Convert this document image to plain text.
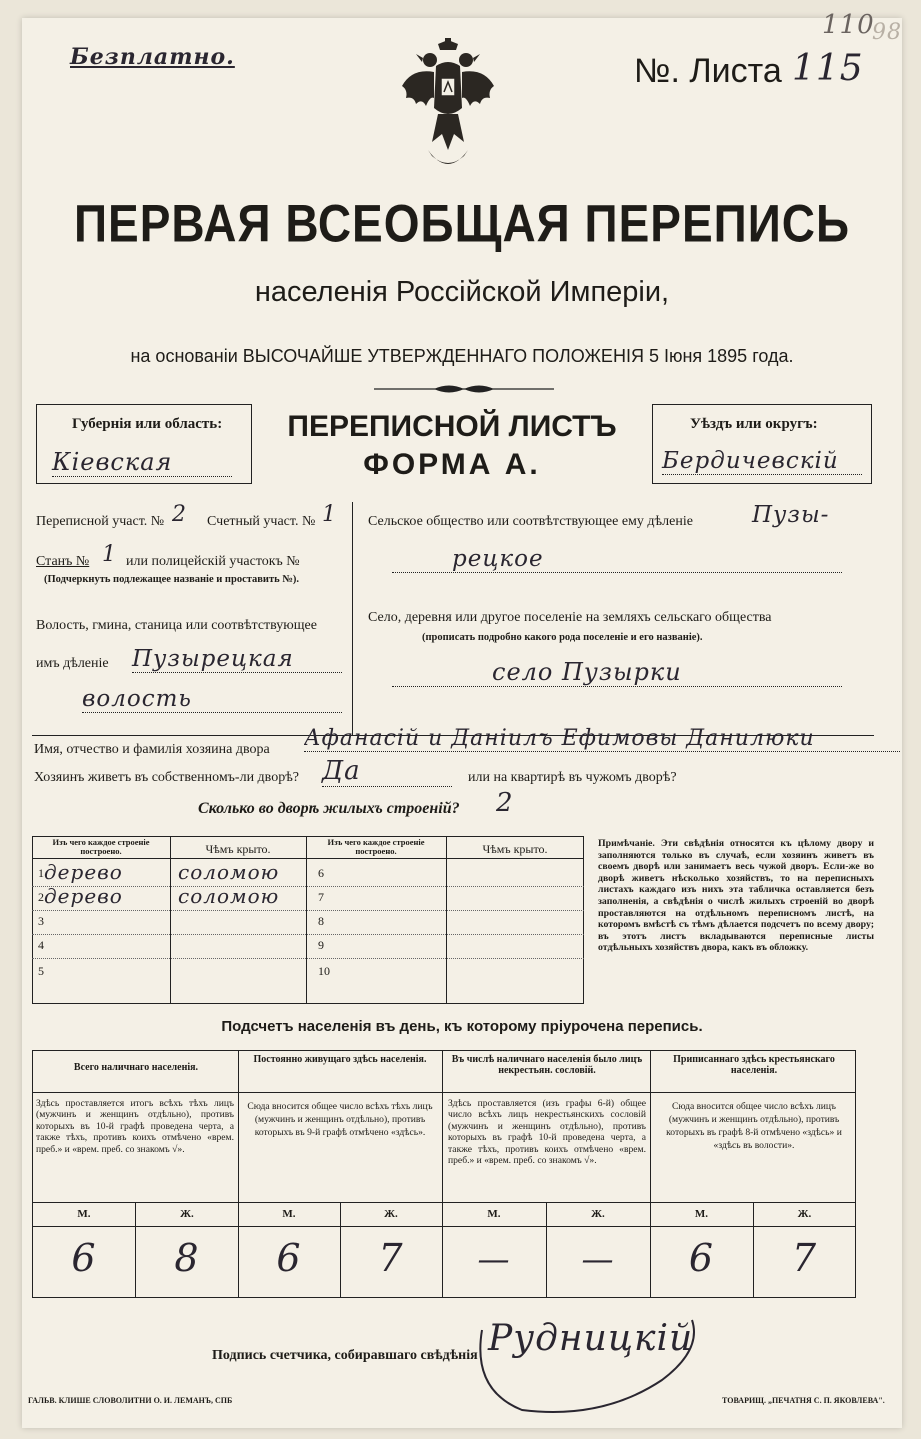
Безплатно.	№. Листа 115
110
98
ПЕРВАЯ ВСЕОБЩАЯ ПЕРЕПИСЬ
населенія Россійской Имперіи,
на основаніи ВЫСОЧАЙШЕ УТВЕРЖДЕННАГО ПОЛОЖЕНІЯ 5 Іюня 1895 года.
Губернія или область:
Кіевская
ПЕРЕПИСНОЙ ЛИСТЪ
ФОРМА А.
Уѣздъ или округъ:
Бердичевскій
Переписной участ. № 2 Счетный участ. № 1
Станъ № 1 или полицейскій участокъ №
(Подчеркнуть подлежащее названіе и проставить №).
Волость, гмина, станица или соотвѣтствующее
имъ дѣленіе Пузырецкая
волость
Сельское общество или соотвѣтствующее ему дѣленіе	Пузы-
рецкое
Село, деревня или другое поселеніе на земляхъ сельскаго общества
(прописать подробно какого рода поселеніе и его названіе).
село Пузырки
Имя, отчество и фамилія хозяина двора Афанасій и Даніилъ Ефимовы Данилюки
Хозяинъ живетъ въ собственномъ-ли дворѣ? Да	или на квартирѣ въ чужомъ дворѣ?
Сколько во дворѣ жилыхъ строеній? 2
Изъ чего каждое строеніе построено.	Чѣмъ крыто.	Изъ чего каждое строеніе построено.	Чѣмъ крыто.
1 дерево	соломою
2 дерево	соломою
3
4
5
6
7
8
9
10
Примѣчаніе. Эти свѣдѣнія относятся къ цѣлому двору и заполняются только въ случаѣ, если хозяинъ живетъ въ своемъ дворѣ или занимаетъ весь чужой дворъ. Если-же во дворѣ живетъ нѣсколько хозяйствъ, то на переписныхъ листахъ каждаго изъ нихъ эта табличка оставляется безъ заполненія, а свѣдѣнія о числѣ жилыхъ строеній во дворѣ проставляются на отдѣльномъ переписномъ листѣ, на которомъ вмѣстѣ съ тѣмъ дѣлается подсчетъ по всему двору; въ этотъ листъ вкладываются переписные листы отдѣльныхъ хозяйствъ двора, какъ въ обложку.
Подсчетъ населенія въ день, къ которому пріурочена перепись.
Всего наличнаго населенія.
Здѣсь проставляется итогъ всѣхъ тѣхъ лицъ (мужчинъ и женщинъ отдѣльно), противъ которыхъ въ 10-й графѣ проведена черта, а также тѣхъ, противъ коихъ отмѣчено «врем. преб.» и «врем. преб. со знакомъ √».
М.	Ж.
6	8
Постоянно живущаго здѣсь населенія.
Сюда вносится общее число всѣхъ тѣхъ лицъ (мужчинъ и женщинъ отдѣльно), противъ которыхъ въ 9-й графѣ отмѣчено «здѣсь».
М.	Ж.
6	7
Въ числѣ наличнаго населенія было лицъ некрестьян. сословій.
Здѣсь проставляется (изъ графы 6-й) общее число всѣхъ лицъ некрестьянскихъ сословій (мужчинъ и женщинъ отдѣльно), противъ которыхъ въ графѣ 10-й проведена черта, а также тѣхъ, противъ коихъ отмѣчено «врем. преб.» и «врем. преб. со знакомъ √».
М.	Ж.
—	—
Приписаннаго здѣсь крестьянскаго населенія.
Сюда вносится общее число всѣхъ лицъ (мужчинъ и женщинъ отдѣльно), противъ которыхъ въ графѣ 8-й отмѣчено «здѣсь» и «здѣсь въ волости».
М.	Ж.
6	7
Подпись счетчика, собиравшаго свѣдѣнія Рудницкій
ГАЛЬВ. КЛИШЕ СЛОВОЛИТНИ О. И. ЛЕМАНЪ, СПБ	ТОВАРИЩ. „ПЕЧАТНЯ С. П. ЯКОВЛЕВА".
